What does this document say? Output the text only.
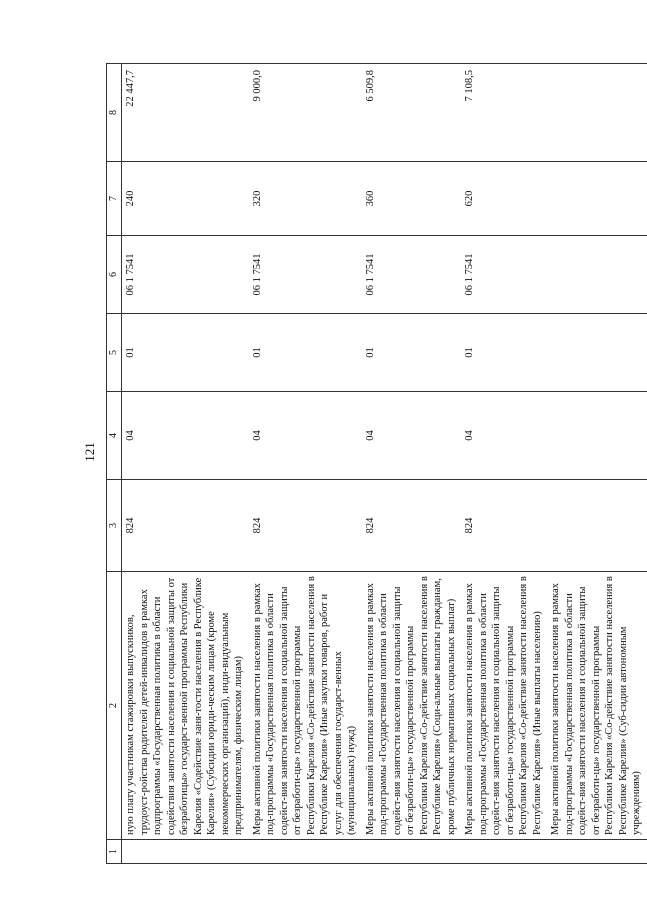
121
1	2	3	4	5	6	7	8
	ную плату участникам стажировки выпускников, трудоуст-ройства родителей детей-инвалидов в рамках подпрограммы «Государственная политика в области содействия занятости населения и социальной защиты от безработицы» государст-венной программы Республики Карелия «Содействие заня-тости населения в Республике Карелия» (Субсидии юриди-ческим лицам (кроме некоммерческих организаций), инди-видуальным предпринимателям, физическим лицам)	824	04	01	06 1 7541	240	22 447,7
	Меры активной политики занятости населения в рамках под-программы «Государственная политика в области содейст-вия занятости населения и социальной защиты от безработи-цы» государственной программы Республики Карелия «Со-действие занятости населения в Республике Карелия» (Иные закупки товаров, работ и услуг для обеспечения государст-венных (муниципальных) нужд)	824	04	01	06 1 7541	320	9 000,0
	Меры активной политики занятости населения в рамках под-программы «Государственная политика в области содейст-вия занятости населения и социальной защиты от безработи-цы» государственной программы Республики Карелия «Со-действие занятости населения в Республике Карелия» (Соци-альные выплаты гражданам, кроме публичных нормативных социальных выплат)	824	04	01	06 1 7541	360	6 509,8
	Меры активной политики занятости населения в рамках под-программы «Государственная политика в области содейст-вия занятости населения и социальной защиты от безработи-цы» государственной программы Республики Карелия «Со-действие занятости населения в Республике Карелия» (Иные выплаты населению)	824	04	01	06 1 7541	620	7 108,5
	Меры активной политики занятости населения в рамках под-программы «Государственная политика в области содейст-вия занятости населения и социальной защиты от безработи-цы» государственной программы Республики Карелия «Со-действие занятости населения в Республике Карелия» (Суб-сидии автономным учреждениям)						
